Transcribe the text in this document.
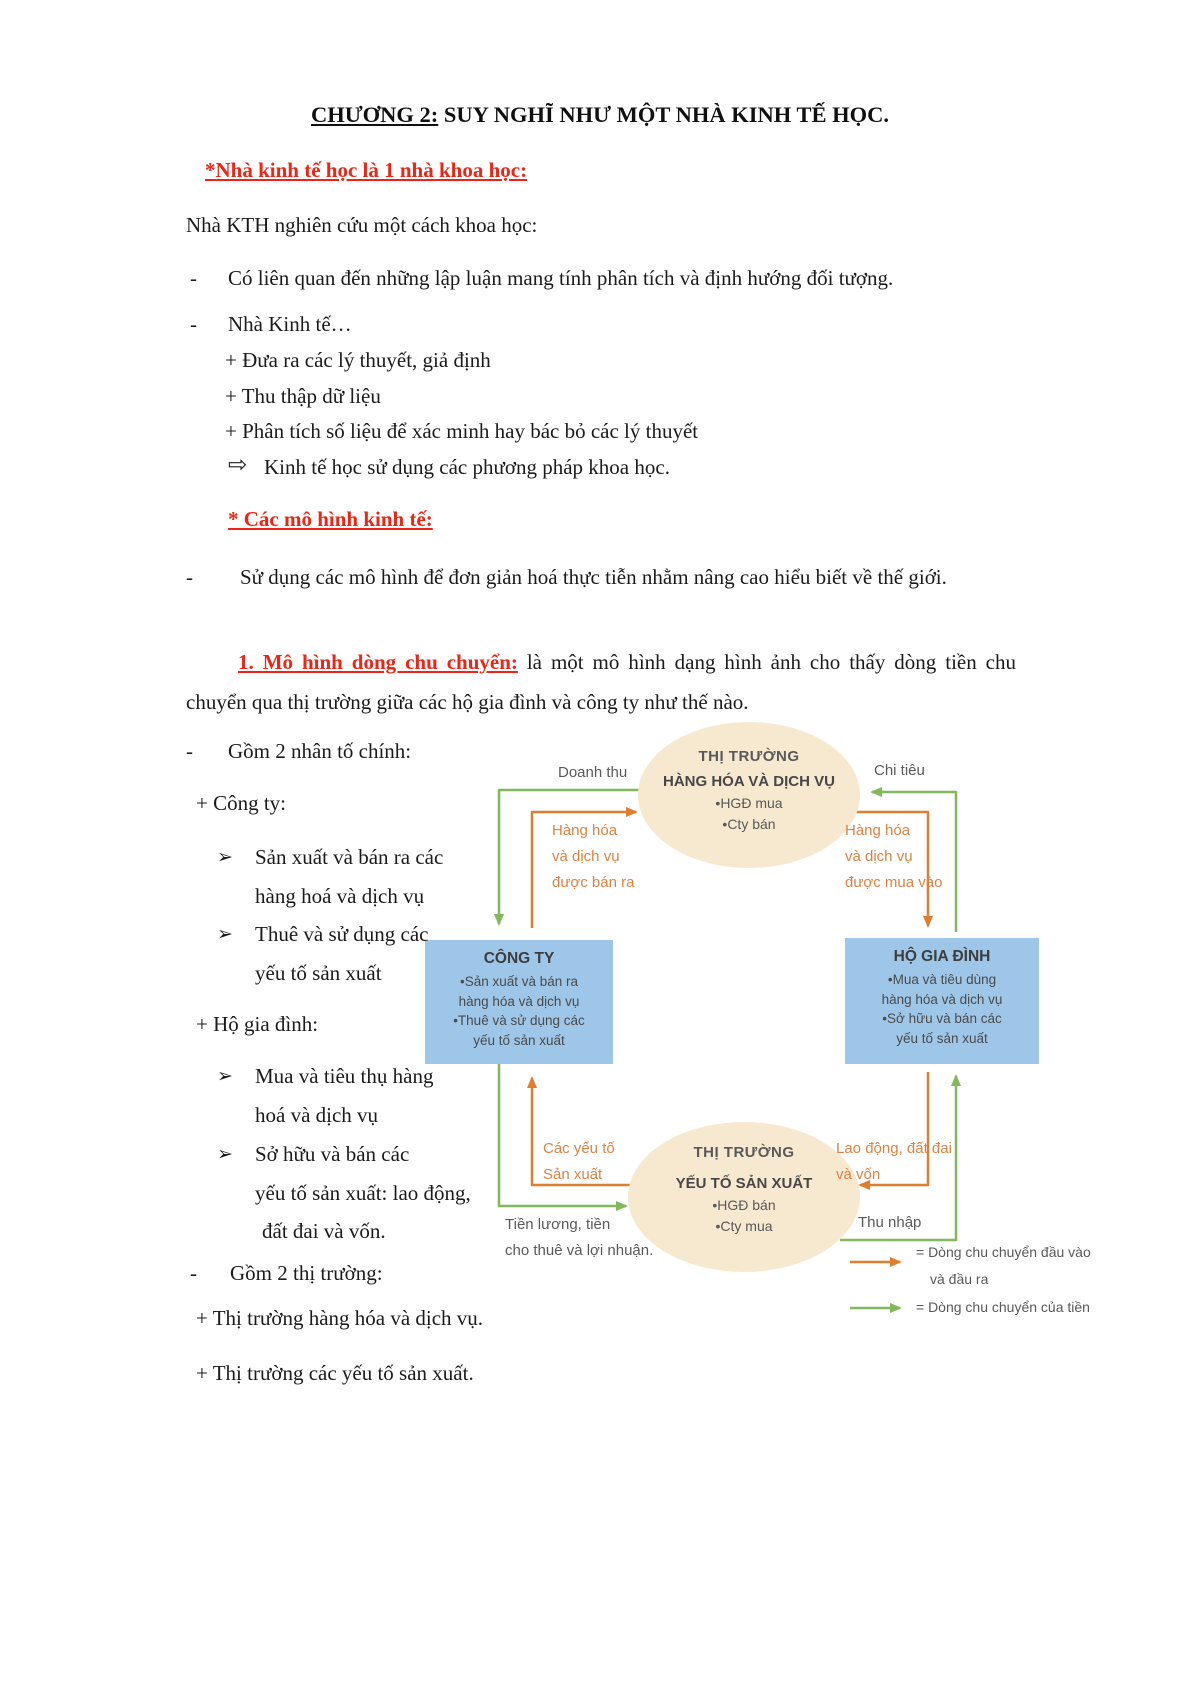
CHƯƠNG 2: SUY NGHĨ NHƯ MỘT NHÀ KINH TẾ HỌC.
*Nhà kinh tế học là 1 nhà khoa học:
Nhà KTH nghiên cứu một cách khoa học:
- Có liên quan đến những lập luận mang tính phân tích và định hướng đối tượng.
- Nhà Kinh tế…
+ Đưa ra các lý thuyết, giả định
+ Thu thập dữ liệu
+ Phân tích số liệu để xác minh hay bác bỏ các lý thuyết
⇨ Kinh tế học sử dụng các phương pháp khoa học.
* Các mô hình kinh tế:
- Sử dụng các mô hình để đơn giản hoá thực tiễn nhằm nâng cao hiểu biết về thế giới.
1. Mô hình dòng chu chuyển: là một mô hình dạng hình ảnh cho thấy dòng tiền chu chuyển qua thị trường giữa các hộ gia đình và công ty như thế nào.
- Gồm 2 nhân tố chính:
+ Công ty:
➢ Sản xuất và bán ra các
hàng hoá và dịch vụ
➢ Thuê và sử dụng các
yếu tố sản xuất
+ Hộ gia đình:
➢ Mua và tiêu thụ hàng
hoá và dịch vụ
➢ Sở hữu và bán các
yếu tố sản xuất: lao động,
đất đai và vốn.
- Gồm 2 thị trường:
+ Thị trường hàng hóa và dịch vụ.
+ Thị trường các yếu tố sản xuất.
THỊ TRƯỜNG
HÀNG HÓA VÀ DỊCH VỤ
•HGĐ mua
•Cty bán
THỊ TRƯỜNG
YẾU TỐ SẢN XUẤT
•HGĐ bán
•Cty mua
CÔNG TY
•Sản xuất và bán ra
hàng hóa và dịch vụ
•Thuê và sử dụng các
yếu tố sản xuất
HỘ GIA ĐÌNH
•Mua và tiêu dùng
hàng hóa và dịch vụ
•Sở hữu và bán các
yếu tố sản xuất
Doanh thu	Chi tiêu
Hàng hóa
và dịch vụ
được bán ra
Hàng hóa
và dịch vụ
được mua vào
Các yếu tố
Sản xuất
Lao động, đất đai
và vốn
Tiền lương, tiền
cho thuê và lợi nhuận.
Thu nhập
= Dòng chu chuyển đầu vào
và đầu ra
= Dòng chu chuyển của tiền
